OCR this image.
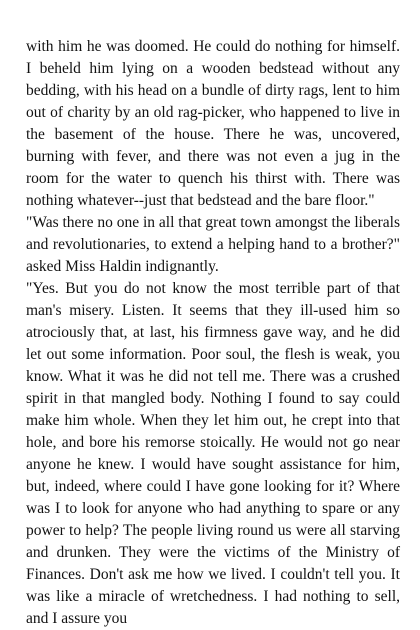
with him he was doomed. He could do nothing for himself. I beheld him lying on a wooden bedstead without any bedding, with his head on a bundle of dirty rags, lent to him out of charity by an old rag-picker, who happened to live in the basement of the house. There he was, uncovered, burning with fever, and there was not even a jug in the room for the water to quench his thirst with. There was nothing whatever--just that bedstead and the bare floor."

"Was there no one in all that great town amongst the liberals and revolutionaries, to extend a helping hand to a brother?" asked Miss Haldin indignantly.

"Yes. But you do not know the most terrible part of that man's misery. Listen. It seems that they ill-used him so atrociously that, at last, his firmness gave way, and he did let out some information. Poor soul, the flesh is weak, you know. What it was he did not tell me. There was a crushed spirit in that mangled body. Nothing I found to say could make him whole. When they let him out, he crept into that hole, and bore his remorse stoically. He would not go near anyone he knew. I would have sought assistance for him, but, indeed, where could I have gone looking for it? Where was I to look for anyone who had anything to spare or any power to help? The people living round us were all starving and drunken. They were the victims of the Ministry of Finances. Don't ask me how we lived. I couldn't tell you. It was like a miracle of wretchedness. I had nothing to sell, and I assure you
